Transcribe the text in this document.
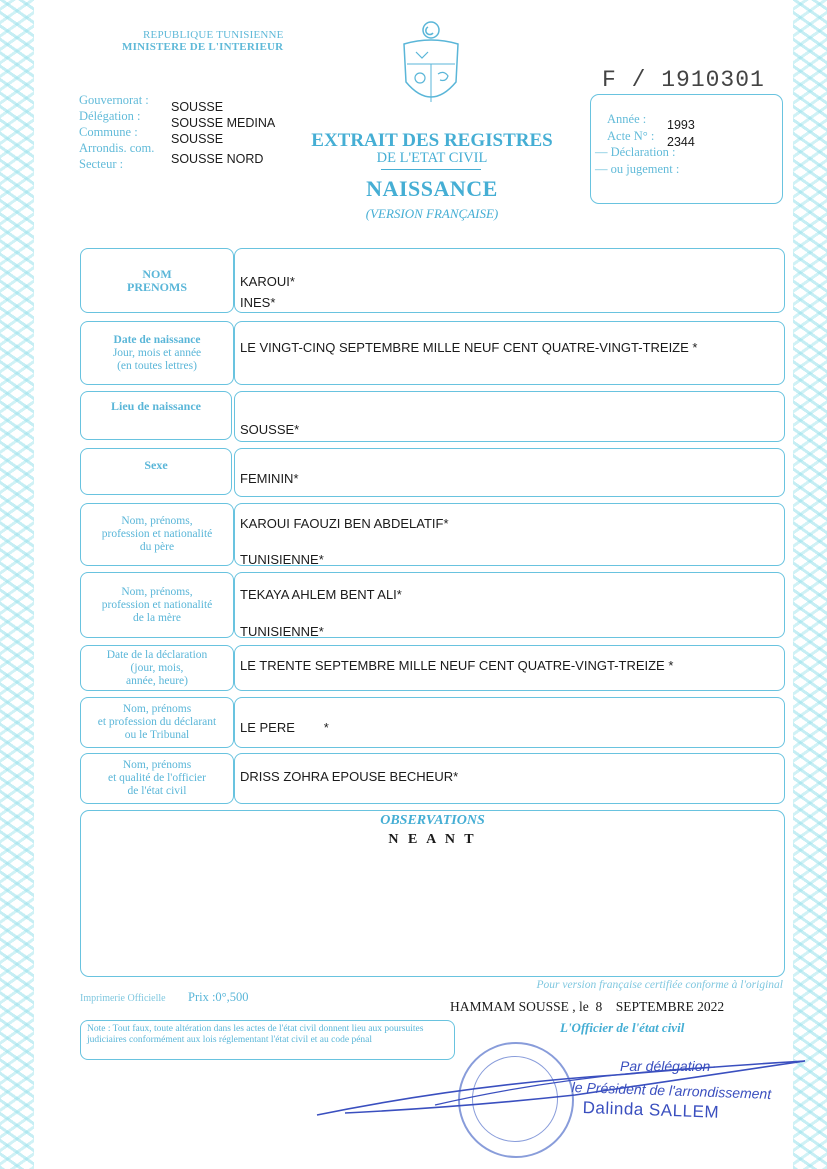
REPUBLIQUE TUNISIENNE
MINISTERE DE L'INTERIEUR
Gouvernorat :
Délégation :
Commune :
Arrondis. com.
Secteur :
SOUSSE
SOUSSE MEDINA
SOUSSE
SOUSSE NORD
EXTRAIT DES REGISTRES
DE L'ETAT CIVIL
NAISSANCE
(VERSION FRANÇAISE)
F / 1910301
Année : 1993
Acte N° : 2344
— Déclaration :
— ou jugement :
NOM
PRENOMS	KAROUI*
INES*
Date de naissance
Jour, mois et année
(en toutes lettres)
LE VINGT-CINQ SEPTEMBRE MILLE NEUF CENT QUATRE-VINGT-TREIZE *
Lieu de naissance
SOUSSE*
Sexe
FEMININ*
Nom, prénoms,
profession et nationalité
du père
KAROUI FAOUZI BEN ABDELATIF*
TUNISIENNE*
Nom, prénoms,
profession et nationalité
de la mère
TEKAYA AHLEM BENT ALI*
TUNISIENNE*
Date de la déclaration
(jour, mois,
année, heure)
LE TRENTE SEPTEMBRE MILLE NEUF CENT QUATRE-VINGT-TREIZE *
Nom, prénoms
et profession du déclarant
ou le Tribunal	LE PERE        *
Nom, prénoms
et qualité de l'officier
de l'état civil
DRISS ZOHRA EPOUSE BECHEUR*
OBSERVATIONS
N E A N T
Imprimerie Officielle Prix :0°,500
Pour version française certifiée conforme à l'original
HAMMAM SOUSSE , le  8    SEPTEMBRE 2022
L'Officier de l'état civil
Note : Tout faux, toute altération dans les actes de l'état civil donnent lieu aux poursuites judiciaires conformément aux lois réglementant l'état civil et au code pénal
Par délégation
le Président de l'arrondissement
Dalinda SALLEM
